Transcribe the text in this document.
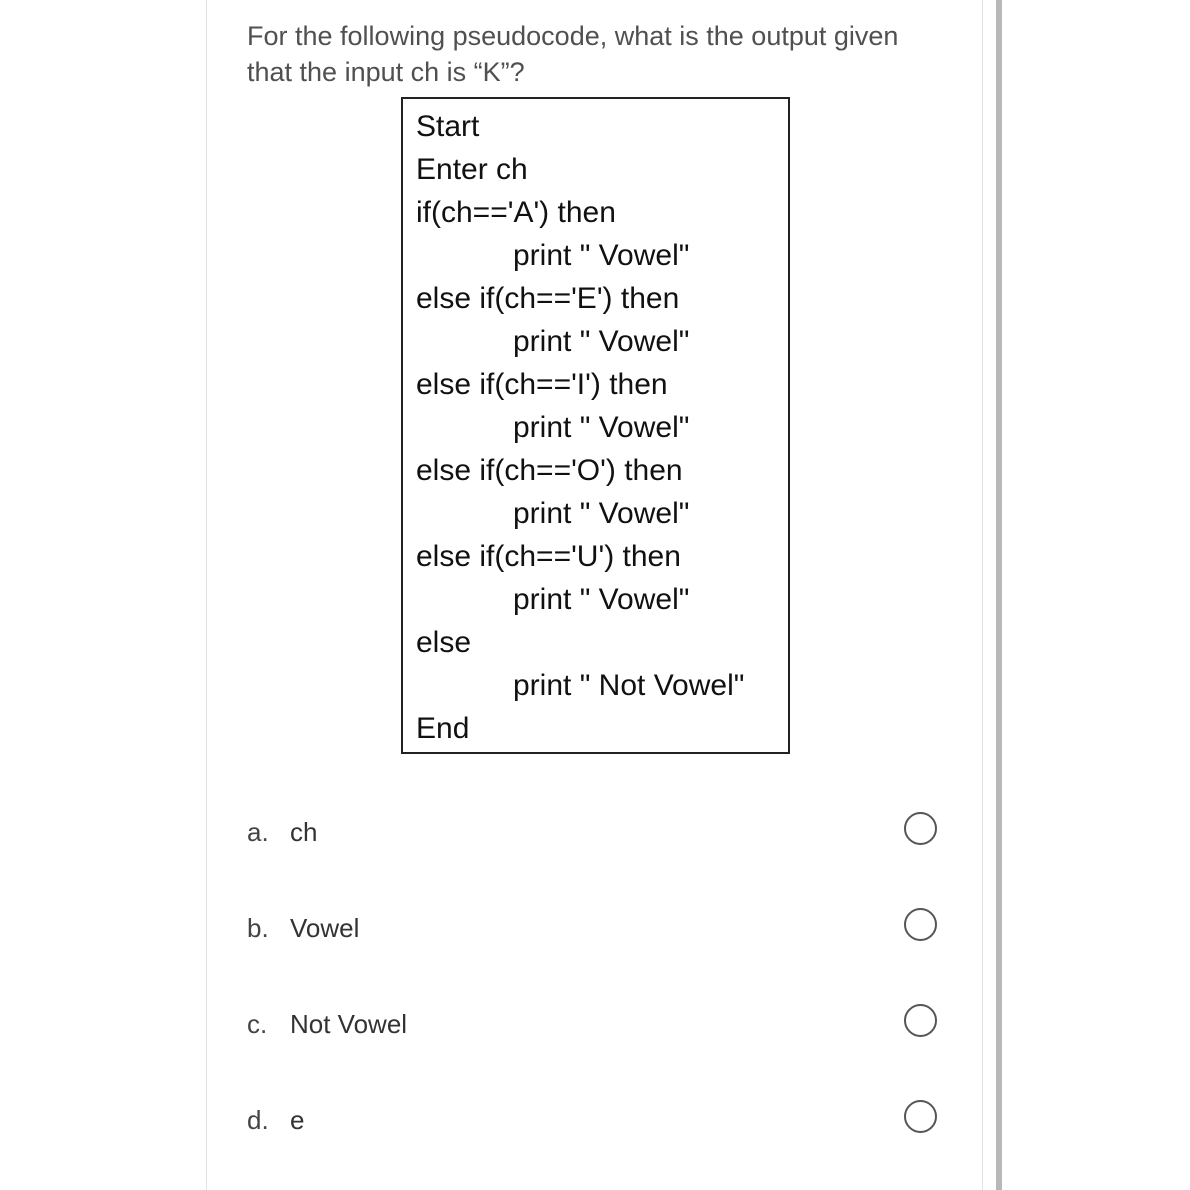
For the following pseudocode, what is the output given that the input ch is “K”?

Start
Enter ch
if(ch=='A') then
print " Vowel"
else if(ch=='E') then
print " Vowel"
else if(ch=='I') then
print " Vowel"
else if(ch=='O') then
print " Vowel"
else if(ch=='U') then
print " Vowel"
else
print " Not Vowel"
End
a. ch
b. Vowel
c. Not Vowel
d. e
